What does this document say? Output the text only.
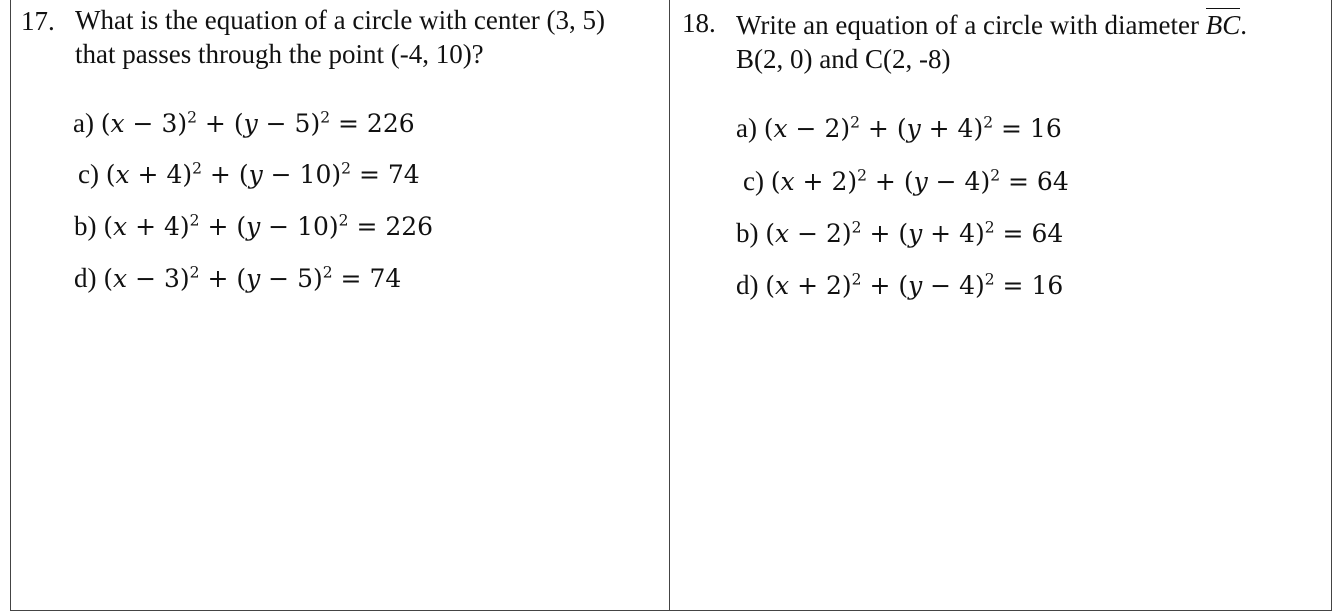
17. What is the equation of a circle with center (3, 5)
that passes through the point (-4, 10)?
a) $(x - 3)^2 + (y - 5)^2 = 226$
c) $(x + 4)^2 + (y - 10)^2 = 74$
b) $(x + 4)^2 + (y - 10)^2 = 226$
d) $(x - 3)^2 + (y - 5)^2 = 74$
18. Write an equation of a circle with diameter BC.
B(2, 0) and C(2, -8)
a) $(x - 2)^2 + (y + 4)^2 = 16$
c) $(x + 2)^2 + (y - 4)^2 = 64$
b) $(x - 2)^2 + (y + 4)^2 = 64$
d) $(x + 2)^2 + (y - 4)^2 = 16$
